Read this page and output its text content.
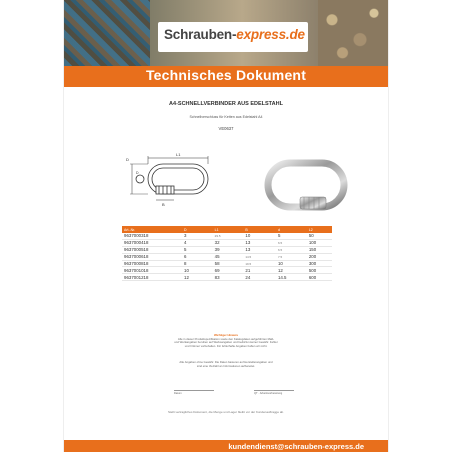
Schrauben-express.de
Technisches Dokument
A4-SCHNELLVERBINDER AUS EDELSTAHL
Schnellverschluss für Ketten aus Edelstahl A4
VE0637
L1
D
D
B
Art.-Nr.	D	L1	B	d	L2
9637000318	3	29.5	10	5	50
9637000418	4	32	13	6.5	100
9637000518	5	39	13	6.5	150
9637000618	6	45	14.5	7.5	200
9637000818	8	58	19.5	10	300
9637001018	10	69	21	12	500
9637001218	12	83	24	14.5	600
Wichtiger Hinweis
Alle in dieser Produktspezifikation sowie den Katalogdaten aufgeführten Maß-
und Werkangaben beruhen auf Werksangaben und bedürfen keiner Gewähr. Fehler
und Irrtümer vorbehalten. Für fehlerhafte Angaben haften wir nicht.
Alle Angaben ohne Gewähr. Die Daten basieren auf Herstellerangaben und
sind eine Vielzahl an Informationen aufbereitet.
Datum	QT · Arbeitsvorbereitung
Stellt vertragliches Dokument, die Menge und Lager bleibt vor der Kundenauftragge ab.
kundendienst@schrauben-express.de
